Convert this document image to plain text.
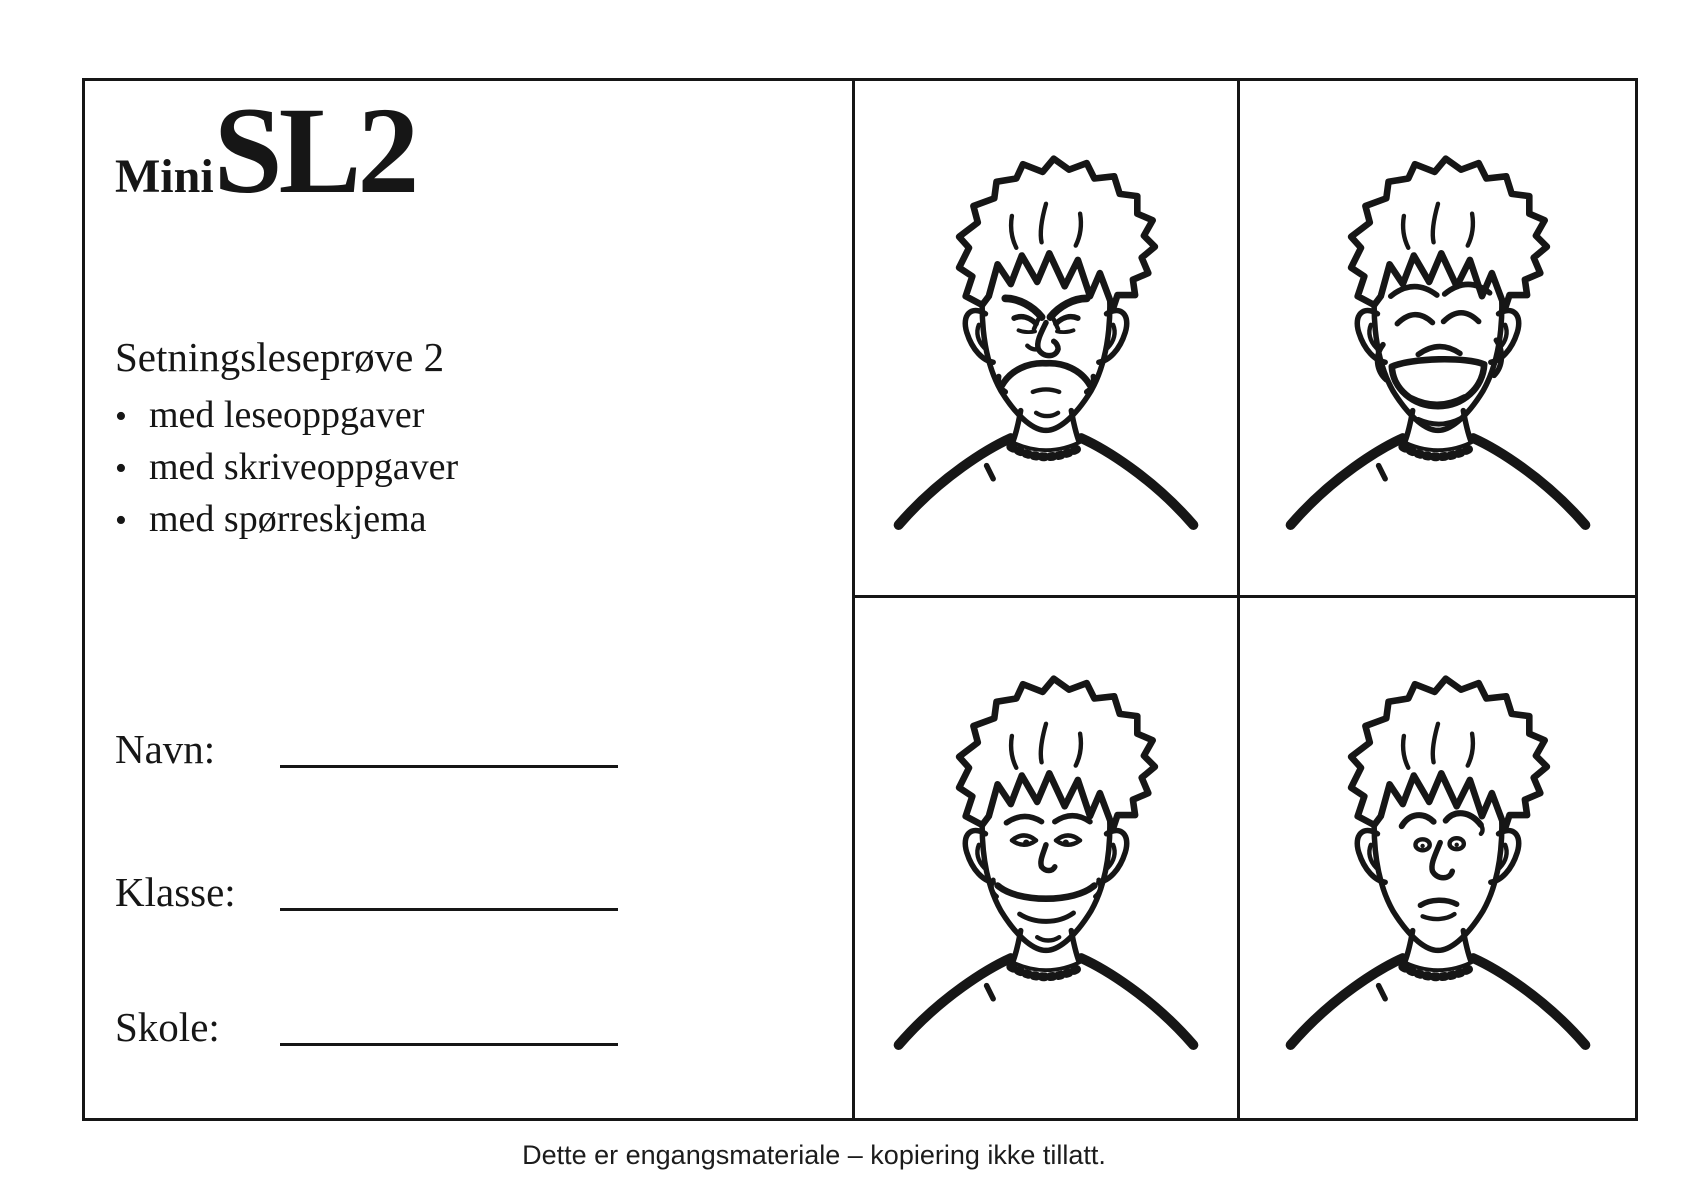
Mini SL2
Setningsleseprøve 2
• med leseoppgaver
• med skriveoppgaver
• med spørreskjema
Navn:
Klasse:
Skole:
Dette er engangsmateriale – kopiering ikke tillatt.
